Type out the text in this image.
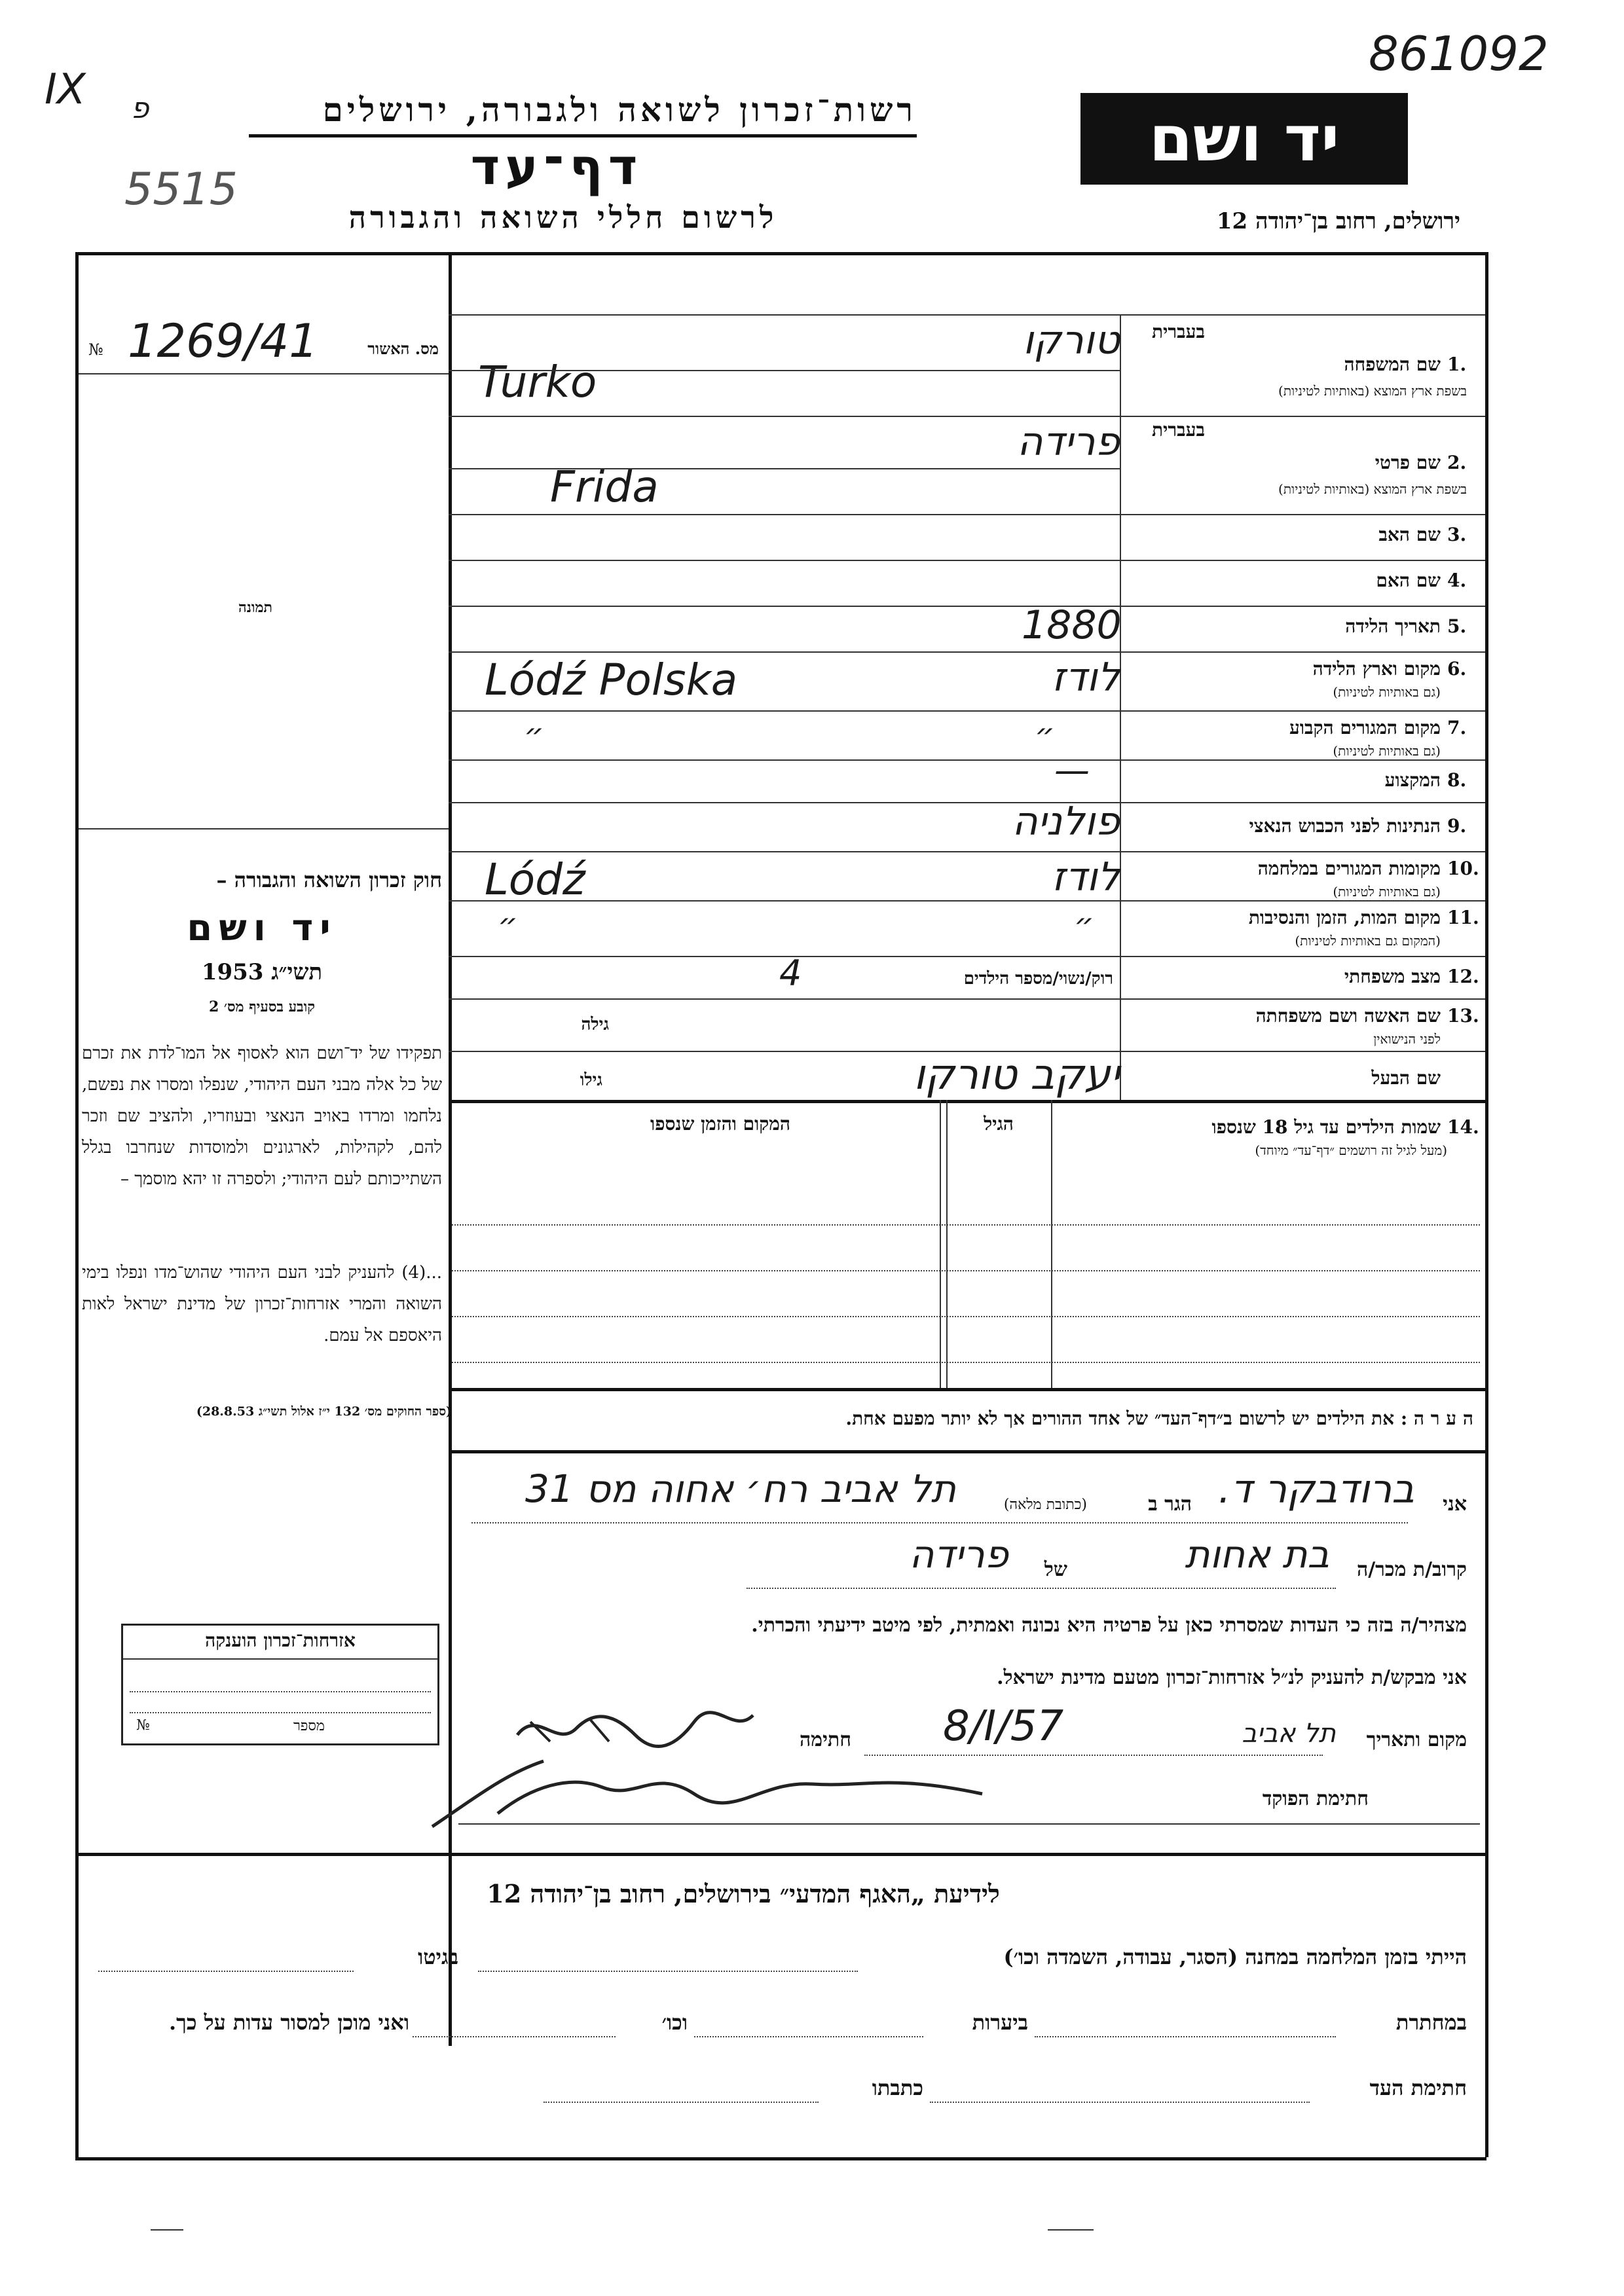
861092
IX פ
5515
רשות־זכרון לשואה ולגבורה, ירושלים
דף־עד
לרשום חללי השואה והגבורה
יד ושם
ירושלים, רחוב בן־יהודה 12
№ 1269/41	מס. האשור
תמונה
חוק זכרון השואה והגבורה –
יד ושם
תשי״ג 1953
קובע בסעיף מס׳ 2
תפקידו של יד־ושם הוא לאסוף אל המו־לדת את זכרם של כל אלה מבני העם היהודי, שנפלו ומסרו את נפשם, נלחמו ומרדו באויב הנאצי ובעוזריו, ולהציב שם וזכר להם, לקהילות, לארגונים ולמוסדות שנחרבו בגלל השתייכותם לעם היהודי; ולספרה זו יהא מוסמך –
...(4) להעניק לבני העם היהודי שהוש־מדו ונפלו בימי השואה והמרי אזרחות־זכרון של מדינת ישראל לאות היאספם אל עמם.
(ספר החוקים מס׳ 132 י״ז אלול תשי״ג 28.8.53)
אזרחות־זכרון הוענקה
מספר
№
בעברית
1.
שם המשפחה
בשפת ארץ המוצא (באותיות לטיניות)
טורקו
Turko
בעברית
2.
שם פרטי
בשפת ארץ המוצא (באותיות לטיניות)
פרידה
Frida
3.
שם האב
4.
שם האם
5.
תאריך הלידה
1880
6.
מקום וארץ הלידה
(גם באותיות לטיניות)
לודז
Lódź Polska
7.
מקום המגורים הקבוע
(גם באותיות לטיניות)
״
״
8.
המקצוע
—
9.
הנתינות לפני הכבוש הנאצי
פולניה
10.
מקומות המגורים במלחמה
(גם באותיות לטיניות)
לודז
Lódź
11.
מקום המות, הזמן והנסיבות
(המקום גם באותיות לטיניות)
״
״
12.
מצב משפחתי
רוק/נשוי/מספר הילדים
4
13.
שם האשה ושם משפחתה
לפני הנישואין
גילה
שם הבעל
גילו	יעקב טורקו
14.
שמות הילדים עד גיל 18 שנספו
(מעל לגיל זה רושמים ״דף־עד״ מיוחד)
הגיל
המקום והזמן שנספו
ה ע ר ה : את הילדים יש לרשום ב״דף־העד״ של אחד ההורים אך לא יותר מפעם אחת.
אני
ברודבקר ד.
הגר ב
(כתובת מלאה)
תל אביב רח׳ אחוה מס 31
קרוב/ת מכר/ה
בת אחות
של
פרידה
מצהיר/ה בזה כי העדות שמסרתי כאן על פרטיה היא נכונה ואמתית, לפי מיטב ידיעתי והכרתי.
אני מבקש/ת להעניק לנ״ל אזרחות־זכרון מטעם מדינת ישראל.
מקום ותאריך
תל אביב
8/I/57
חתימה
חתימת הפוקד
לידיעת „האגף המדעי״ בירושלים, רחוב בן־יהודה 12
הייתי בזמן המלחמה במחנה (הסגר, עבודה, השמדה וכו׳)
בגיטו
במחתרת
ביערות
וכו׳
ואני מוכן למסור עדות על כך.
חתימת העד
כתבתו
